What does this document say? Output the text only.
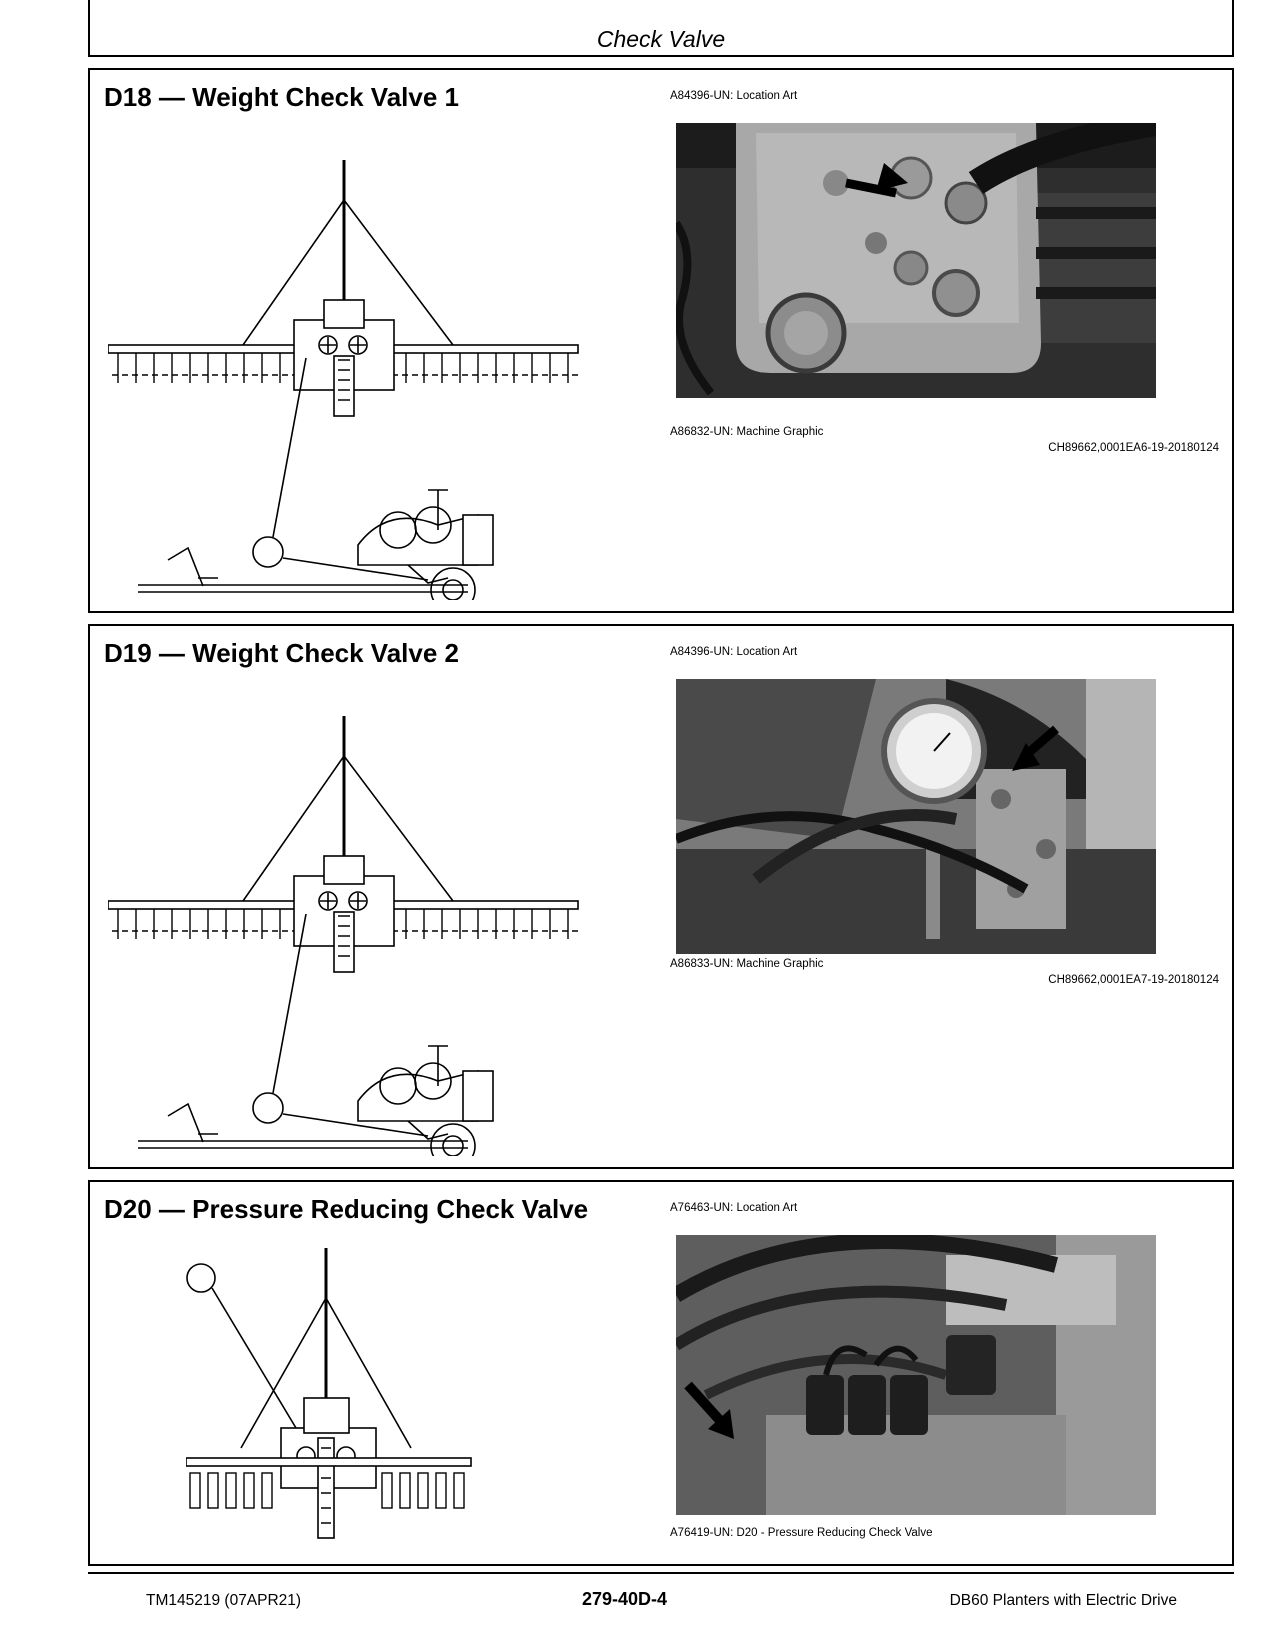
Check Valve
D18 — Weight Check Valve 1	A84396-UN: Location Art
A86832-UN: Machine Graphic
CH89662,0001EA6-19-20180124
D19 — Weight Check Valve 2	A84396-UN: Location Art
A86833-UN: Machine Graphic
CH89662,0001EA7-19-20180124
D20 — Pressure Reducing Check Valve	A76463-UN: Location Art
A76419-UN: D20 - Pressure Reducing Check Valve
TM145219 (07APR21)	279-40D-4	DB60 Planters with Electric Drive
